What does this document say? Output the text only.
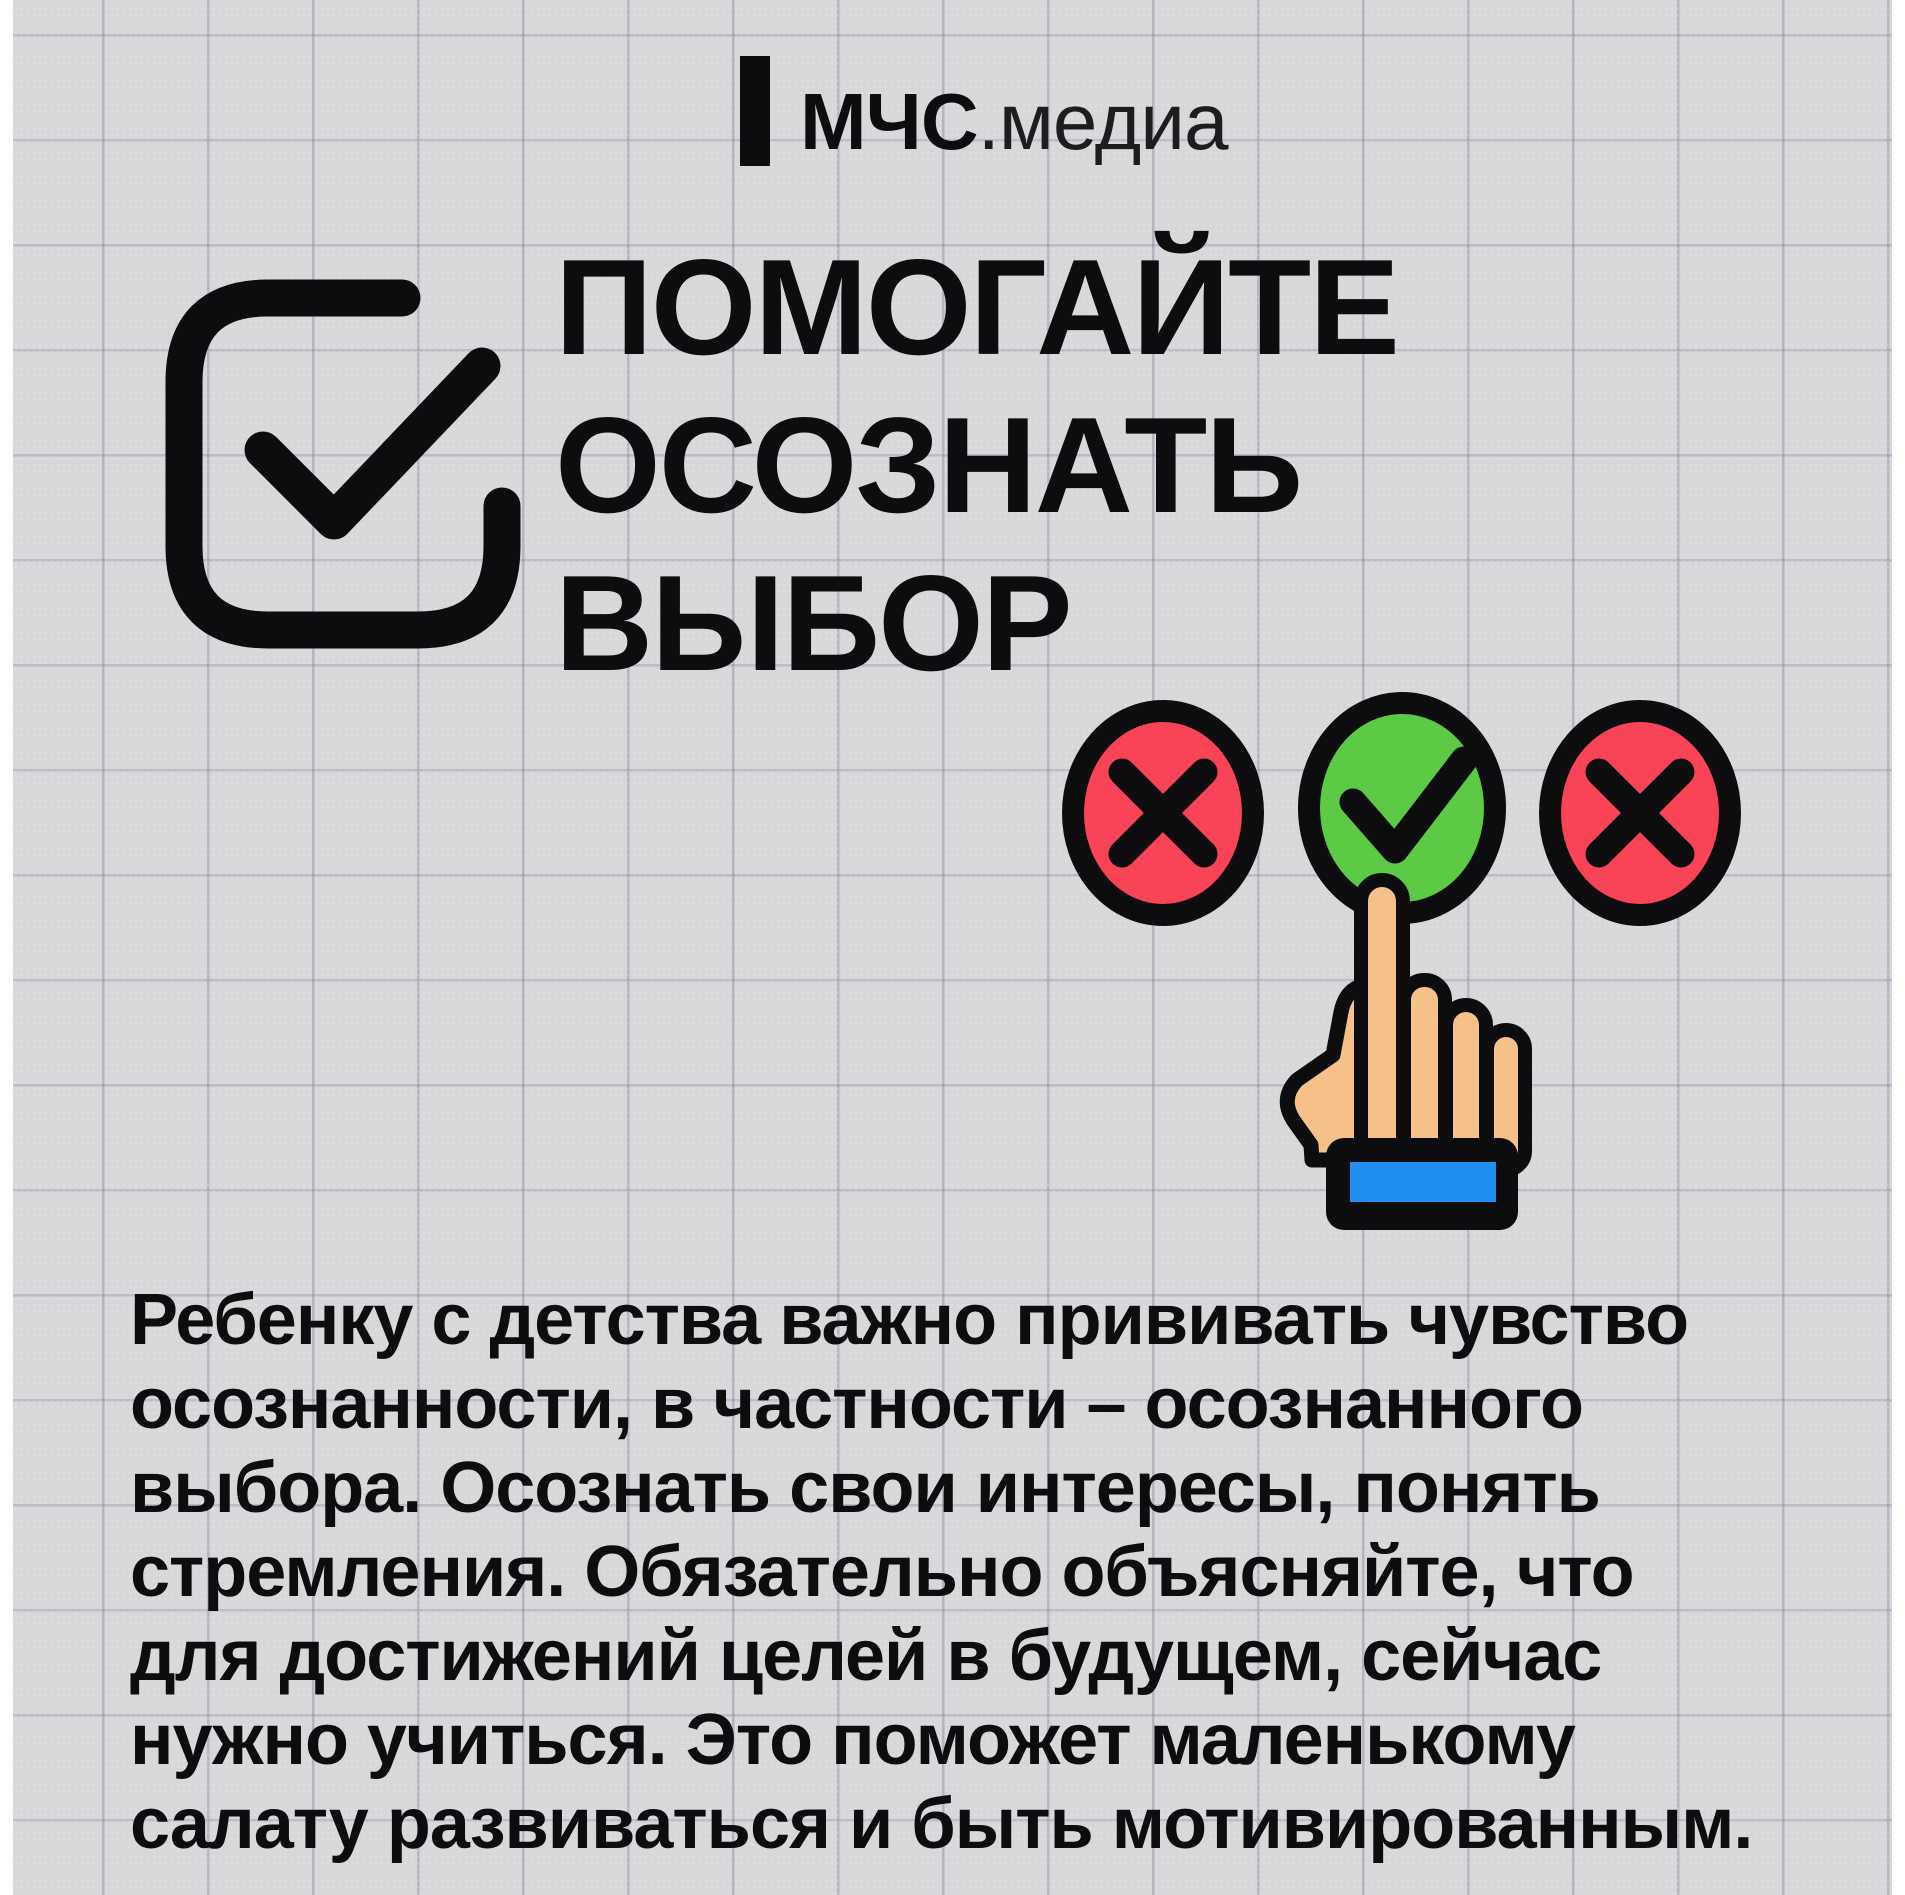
МЧС.медиа
ПОМОГАЙТЕ
ОСОЗНАТЬ
ВЫБОР
Ребенку с детства важно прививать чувство
осознанности, в частности – осознанного
выбора. Осознать свои интересы, понять
стремления. Обязательно объясняйте, что
для достижений целей в будущем, сейчас
нужно учиться. Это поможет маленькому
салату развиваться и быть мотивированным.
